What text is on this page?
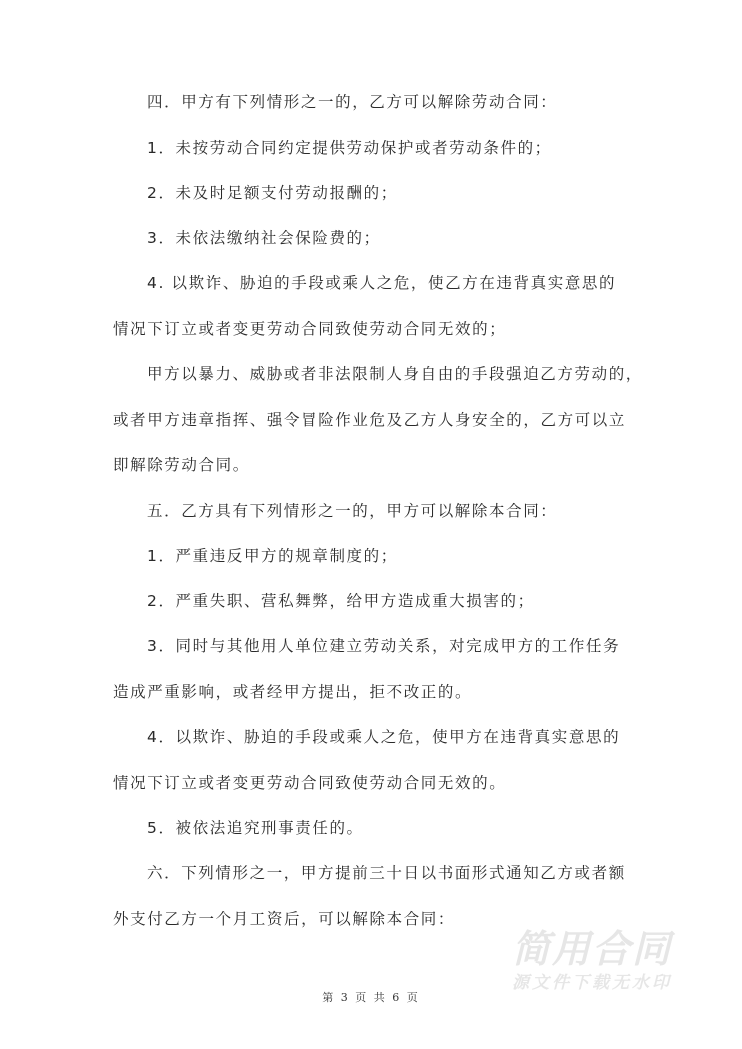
四．甲方有下列情形之一的，乙方可以解除劳动合同：
1．未按劳动合同约定提供劳动保护或者劳动条件的；
2．未及时足额支付劳动报酬的；
3．未依法缴纳社会保险费的；
4. 以欺诈、胁迫的手段或乘人之危，使乙方在违背真实意思的
情况下订立或者变更劳动合同致使劳动合同无效的；
甲方以暴力、威胁或者非法限制人身自由的手段强迫乙方劳动的，
或者甲方违章指挥、强令冒险作业危及乙方人身安全的，乙方可以立
即解除劳动合同。
五．乙方具有下列情形之一的，甲方可以解除本合同：
1．严重违反甲方的规章制度的；
2．严重失职、营私舞弊，给甲方造成重大损害的；
3．同时与其他用人单位建立劳动关系，对完成甲方的工作任务
造成严重影响，或者经甲方提出，拒不改正的。
4．以欺诈、胁迫的手段或乘人之危，使甲方在违背真实意思的
情况下订立或者变更劳动合同致使劳动合同无效的。
5．被依法追究刑事责任的。
六．下列情形之一，甲方提前三十日以书面形式通知乙方或者额
外支付乙方一个月工资后，可以解除本合同：
简用合同
源文件下载无水印
第 3 页 共 6 页
